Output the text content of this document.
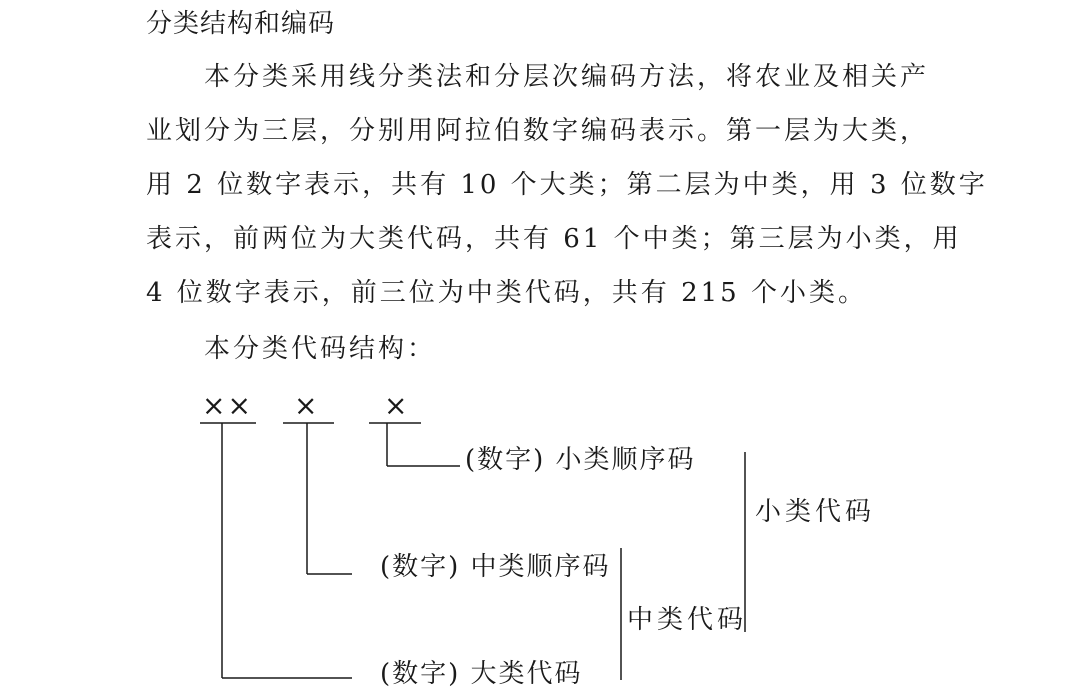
分类结构和编码
本分类采用线分类法和分层次编码方法，将农业及相关产
业划分为三层，分别用阿拉伯数字编码表示。第一层为大类，
用 2 位数字表示，共有 10 个大类；第二层为中类，用 3 位数字
表示，前两位为大类代码，共有 61 个中类；第三层为小类，用
4 位数字表示，前三位为中类代码，共有 215 个小类。
本分类代码结构：
×× × ×
(数字) 小类顺序码
(数字) 中类顺序码
(数字) 大类代码
小类代码
中类代码
